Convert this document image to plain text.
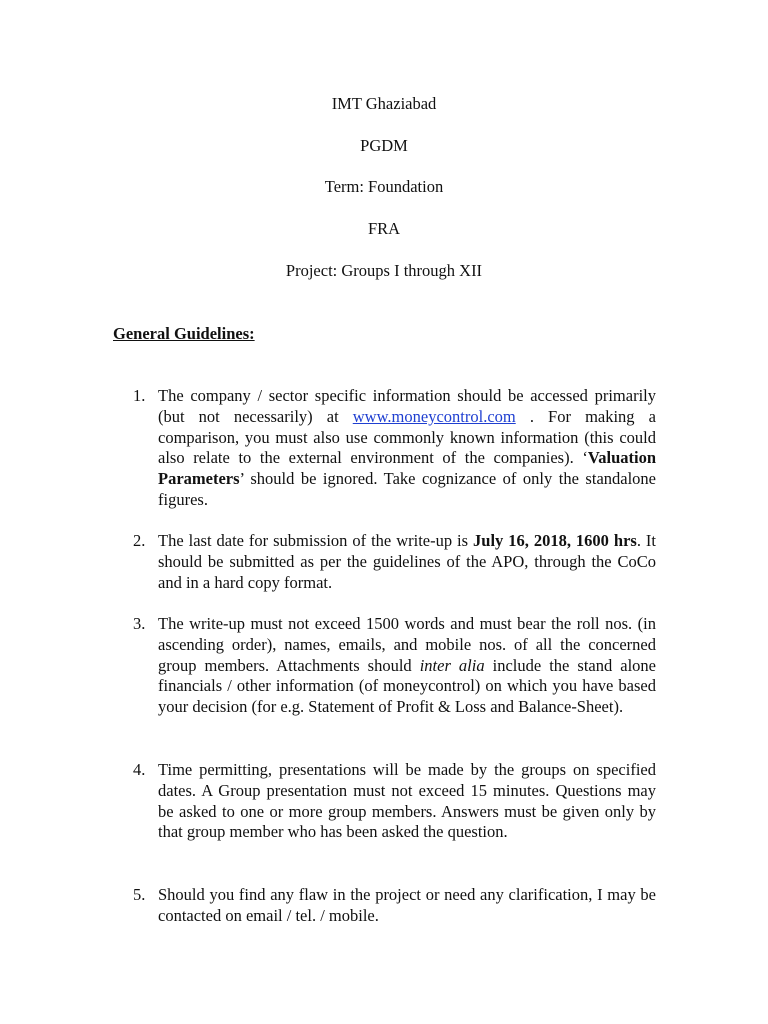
IMT Ghaziabad
PGDM
Term: Foundation
FRA
Project: Groups I through XII
General Guidelines:
1. The company / sector specific information should be accessed primarily (but not necessarily) at www.moneycontrol.com . For making a comparison, you must also use commonly known information (this could also relate to the external environment of the companies). ‘Valuation Parameters’ should be ignored. Take cognizance of only the standalone figures.
2. The last date for submission of the write-up is July 16, 2018, 1600 hrs. It should be submitted as per the guidelines of the APO, through the CoCo and in a hard copy format.
3. The write-up must not exceed 1500 words and must bear the roll nos. (in ascending order), names, emails, and mobile nos. of all the concerned group members. Attachments should inter alia include the stand alone financials / other information (of moneycontrol) on which you have based your decision (for e.g. Statement of Profit & Loss and Balance-Sheet).
4. Time permitting, presentations will be made by the groups on specified dates. A Group presentation must not exceed 15 minutes. Questions may be asked to one or more group members. Answers must be given only by that group member who has been asked the question.
5. Should you find any flaw in the project or need any clarification, I may be contacted on email / tel. / mobile.
